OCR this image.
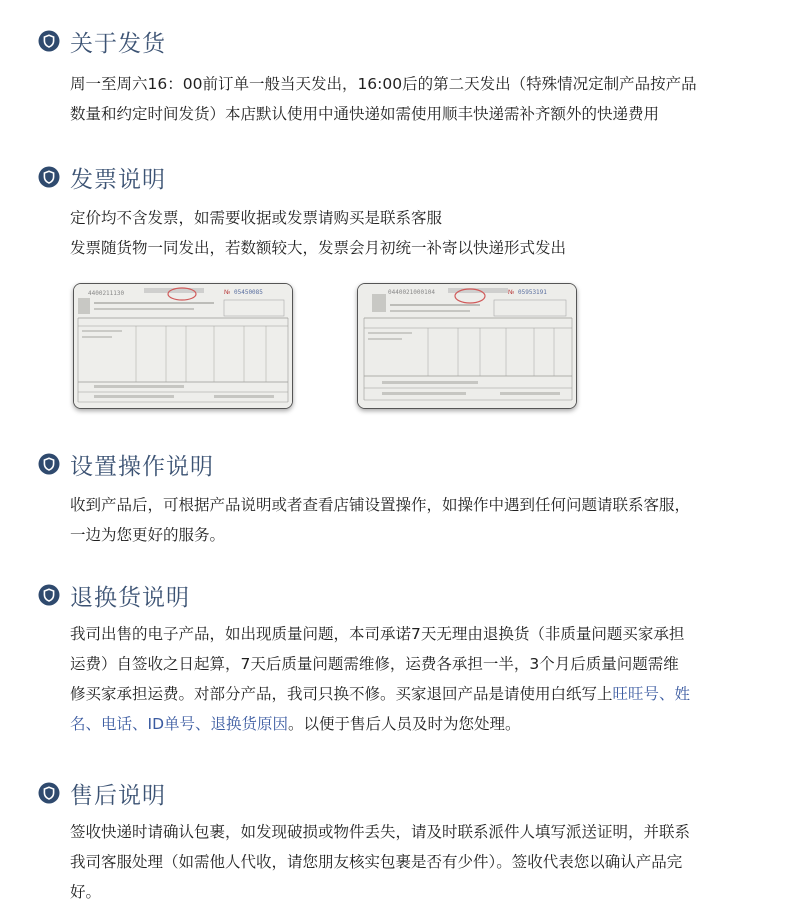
关于发货
周一至周六16：00前订单一般当天发出，16:00后的第二天发出（特殊情况定制产品按产品
数量和约定时间发货）本店默认使用中通快递如需使用顺丰快递需补齐额外的快递费用
发票说明
定价均不含发票，如需要收据或发票请购买是联系客服
发票随货物一同发出，若数额较大，发票会月初统一补寄以快递形式发出
4400211130	№ 05450085	0440021000104	№ 05953191
设置操作说明
收到产品后，可根据产品说明或者查看店铺设置操作，如操作中遇到任何问题请联系客服，
一边为您更好的服务。
退换货说明
我司出售的电子产品，如出现质量问题，本司承诺7天无理由退换货（非质量问题买家承担
运费）自签收之日起算，7天后质量问题需维修，运费各承担一半，3个月后质量问题需维
修买家承担运费。对部分产品，我司只换不修。买家退回产品是请使用白纸写上旺旺号、姓
名、电话、ID单号、退换货原因。以便于售后人员及时为您处理。
售后说明
签收快递时请确认包裹，如发现破损或物件丢失，请及时联系派件人填写派送证明，并联系
我司客服处理（如需他人代收，请您朋友核实包裹是否有少件）。签收代表您以确认产品完
好。
